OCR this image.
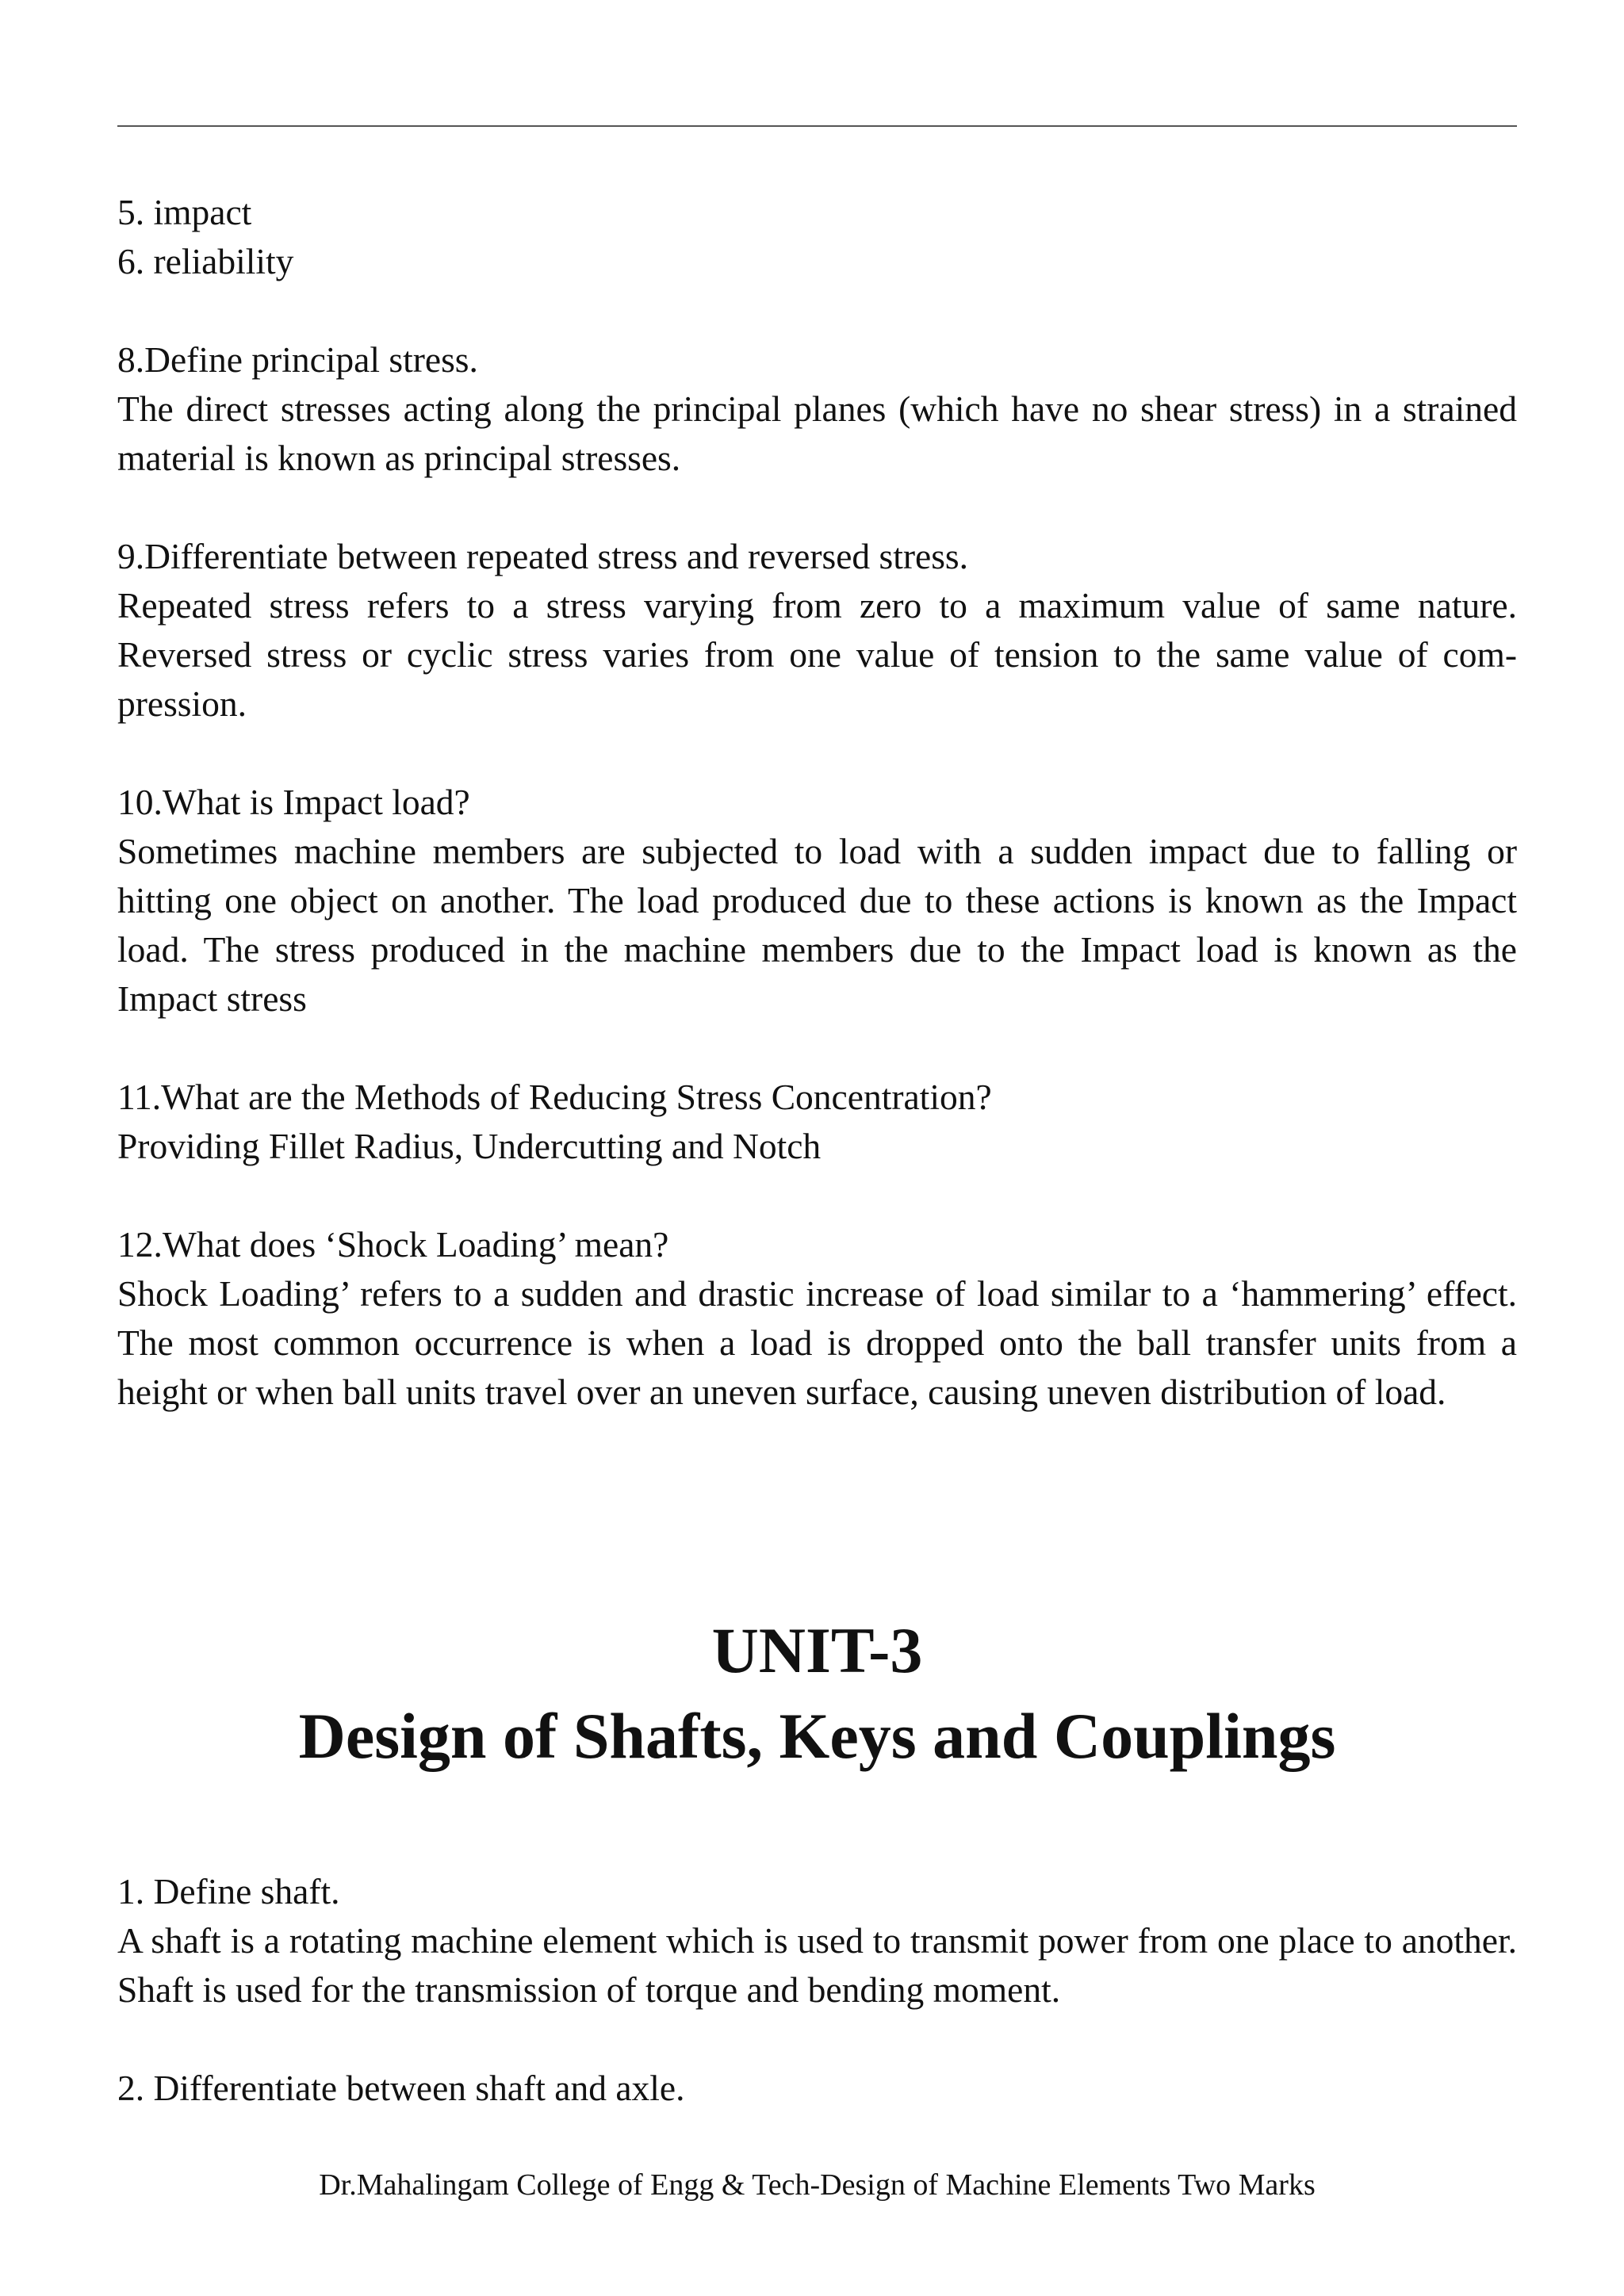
5. impact
6. reliability
8.Define principal stress.
The direct stresses acting along the principal planes (which have no shear stress) in a strained material is known as principal stresses.
9.Differentiate between repeated stress and reversed stress.
Repeated stress refers to a stress varying from zero to a maximum value of same nature. Reversed stress or cyclic stress varies from one value of tension to the same value of compression.
10.What is Impact load?
Sometimes machine members are subjected to load with a sudden impact due to falling or hitting one object on another. The load produced due to these actions is known as the Impact load. The stress produced in the machine members due to the Impact load is known as the Impact stress
11.What are the Methods of Reducing Stress Concentration?
Providing Fillet Radius, Undercutting and Notch
12.What does ‘Shock Loading’ mean?
Shock Loading’ refers to a sudden and drastic increase of load similar to a ‘hammering’ effect. The most common occurrence is when a load is dropped onto the ball transfer units from a height or when ball units travel over an uneven surface, causing uneven distribution of load.
UNIT-3
Design of Shafts, Keys and Couplings
1. Define shaft.
A shaft is a rotating machine element which is used to transmit power from one place to another. Shaft is used for the transmission of torque and bending moment.
2. Differentiate between shaft and axle.
Dr.Mahalingam College of Engg & Tech-Design of Machine Elements Two Marks
